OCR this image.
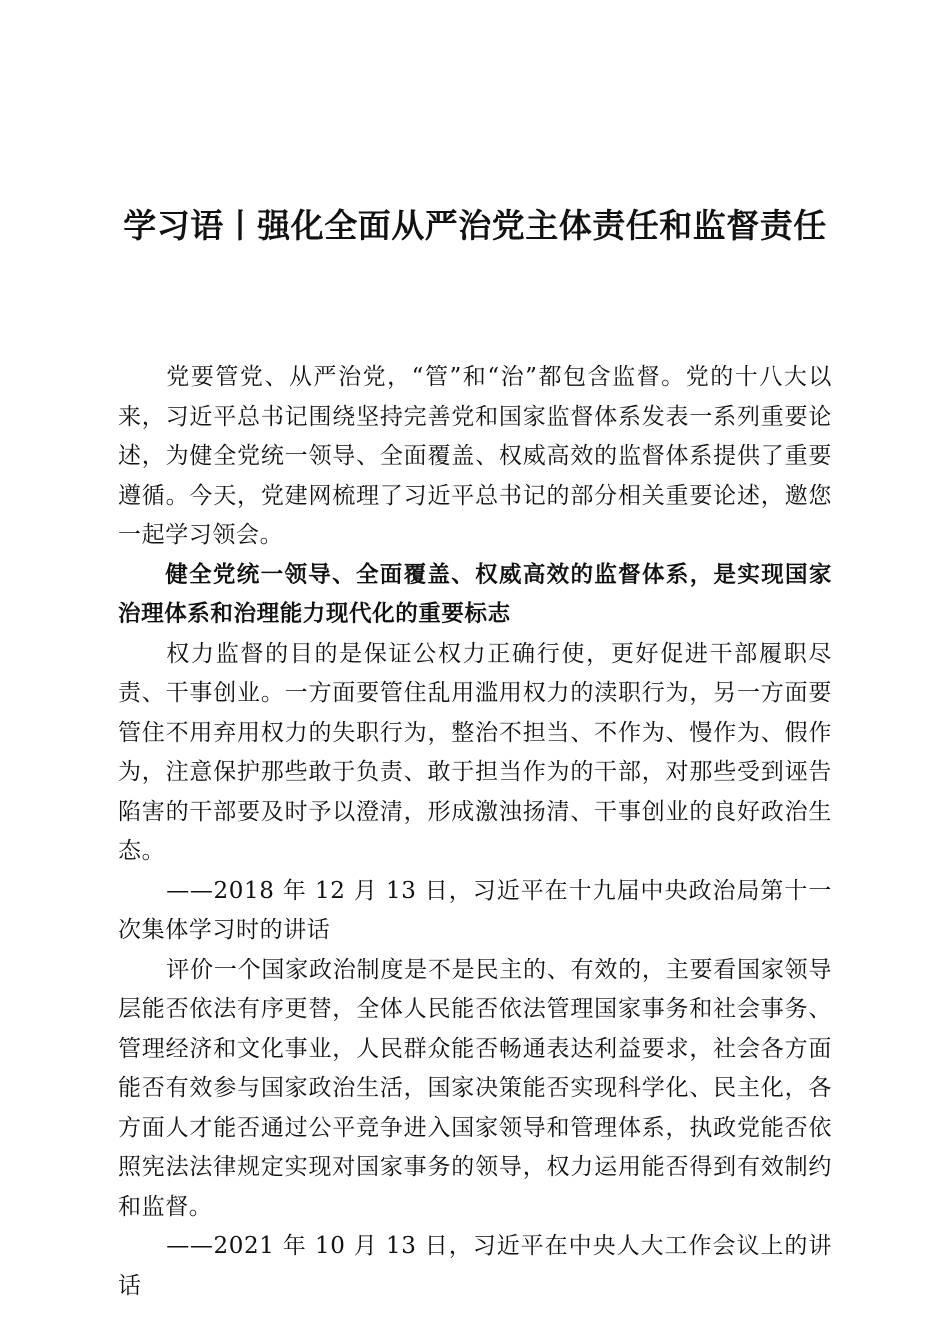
学习语丨强化全面从严治党主体责任和监督责任

党要管党、从严治党，“管”和“治”都包含监督。党的十八大以来，习近平总书记围绕坚持完善党和国家监督体系发表一系列重要论述，为健全党统一领导、全面覆盖、权威高效的监督体系提供了重要遵循。今天，党建网梳理了习近平总书记的部分相关重要论述，邀您一起学习领会。

健全党统一领导、全面覆盖、权威高效的监督体系，是实现国家治理体系和治理能力现代化的重要标志

权力监督的目的是保证公权力正确行使，更好促进干部履职尽责、干事创业。一方面要管住乱用滥用权力的渎职行为，另一方面要管住不用弃用权力的失职行为，整治不担当、不作为、慢作为、假作为，注意保护那些敢于负责、敢于担当作为的干部，对那些受到诬告陷害的干部要及时予以澄清，形成激浊扬清、干事创业的良好政治生态。

——2018 年 12 月 13 日，习近平在十九届中央政治局第十一次集体学习时的讲话

评价一个国家政治制度是不是民主的、有效的，主要看国家领导层能否依法有序更替，全体人民能否依法管理国家事务和社会事务、管理经济和文化事业，人民群众能否畅通表达利益要求，社会各方面能否有效参与国家政治生活，国家决策能否实现科学化、民主化，各方面人才能否通过公平竞争进入国家领导和管理体系，执政党能否依照宪法法律规定实现对国家事务的领导，权力运用能否得到有效制约和监督。

——2021 年 10 月 13 日，习近平在中央人大工作会议上的讲话
